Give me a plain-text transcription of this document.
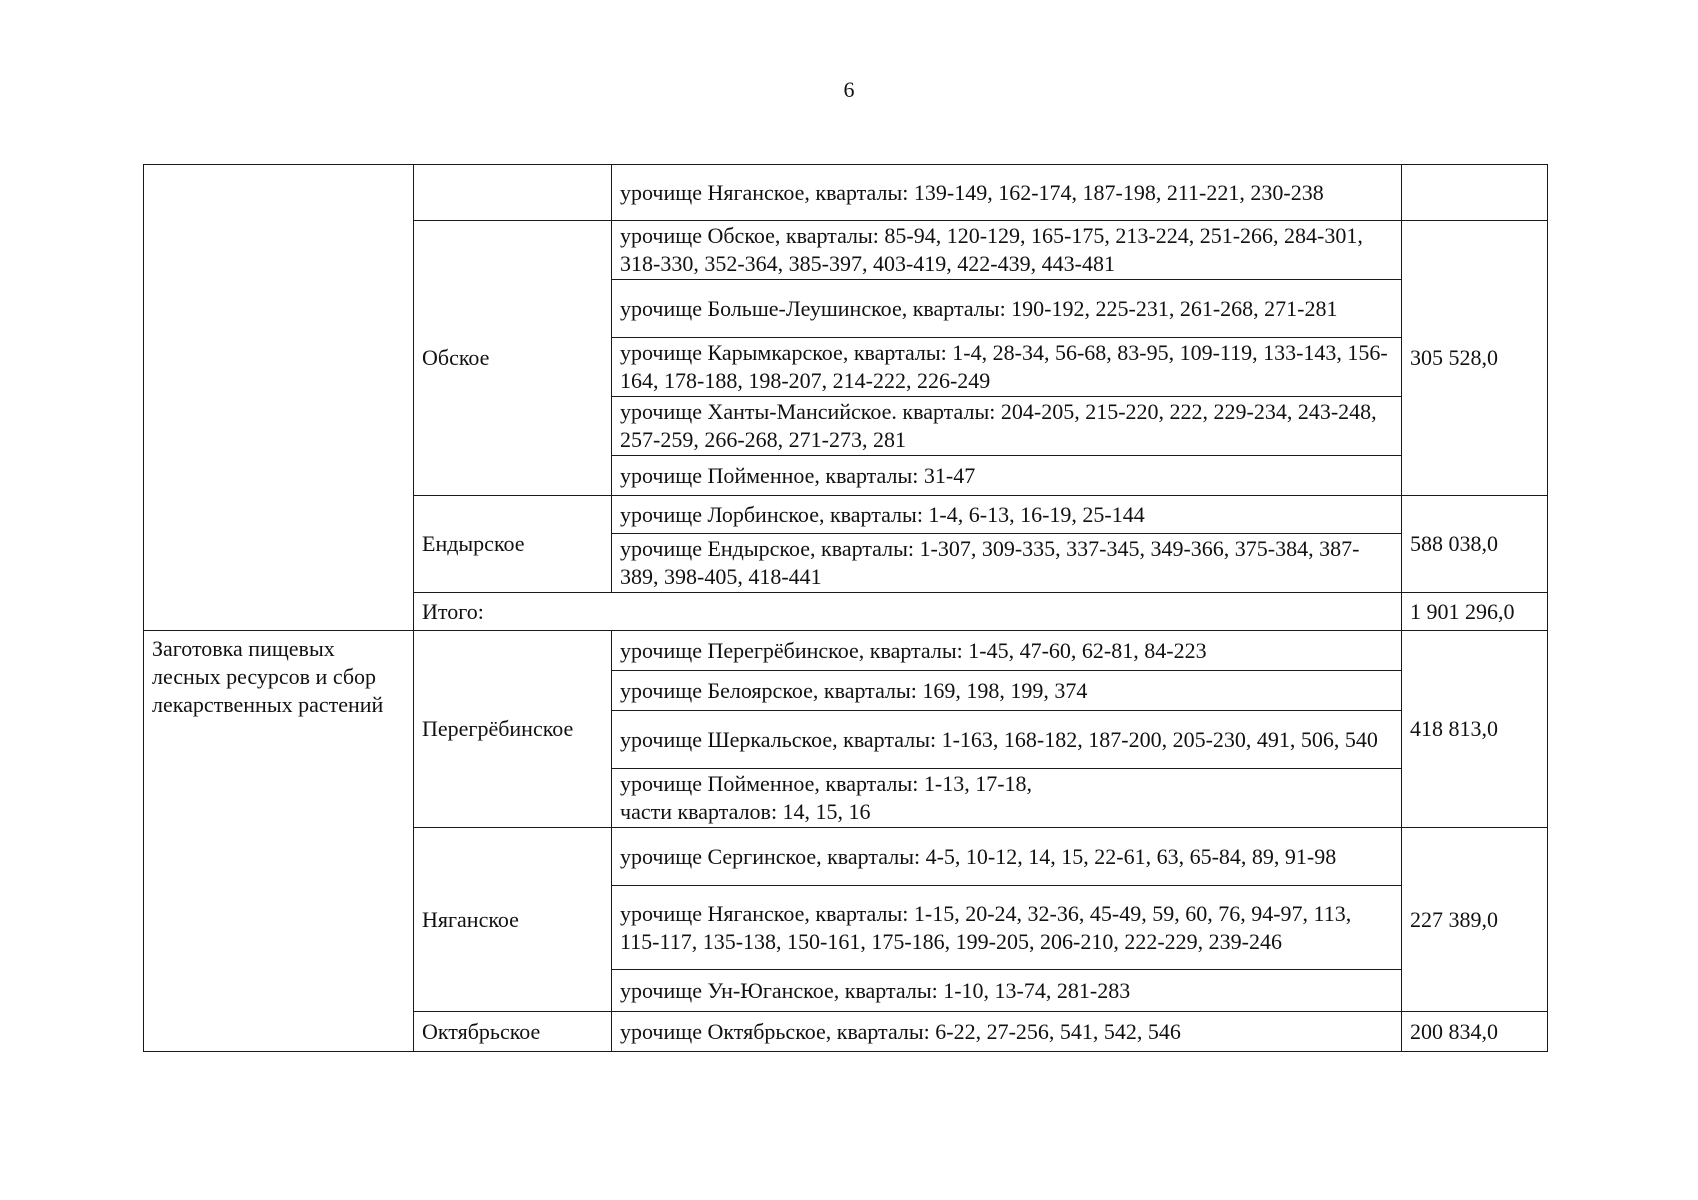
6
		урочище Няганское, кварталы: 139-149, 162-174, 187-198, 211-221, 230-238	
	Обское	урочище Обское, кварталы: 85-94, 120-129, 165-175, 213-224, 251-266, 284-301, 318-330, 352-364, 385-397, 403-419, 422-439, 443-481	305 528,0
		урочище Больше-Леушинское, кварталы: 190-192, 225-231, 261-268, 271-281	
		урочище Карымкарское, кварталы: 1-4, 28-34, 56-68, 83-95, 109-119, 133-143, 156-164, 178-188, 198-207, 214-222, 226-249	
		урочище Ханты-Мансийское. кварталы: 204-205, 215-220, 222, 229-234, 243-248, 257-259, 266-268, 271-273, 281	
		урочище Пойменное, кварталы: 31-47	
	Ендырское	урочище Лорбинское, кварталы: 1-4, 6-13, 16-19, 25-144	588 038,0
		урочище Ендырское, кварталы: 1-307, 309-335, 337-345, 349-366, 375-384, 387-389, 398-405, 418-441	
	Итого:		1 901 296,0
Заготовка пищевых лесных ресурсов и сбор лекарственных растений	Перегрёбинское	урочище Перегрёбинское, кварталы: 1-45, 47-60, 62-81, 84-223	418 813,0
		урочище Белоярское, кварталы: 169, 198, 199, 374	
		урочище Шеркальское, кварталы: 1-163, 168-182, 187-200, 205-230, 491, 506, 540	

		урочище Пойменное, кварталы: 1-13, 17-18,
части кварталов: 14, 15, 16	

	Няганское	урочище Сергинское, кварталы: 4-5, 10-12, 14, 15, 22-61, 63, 65-84, 89, 91-98	227 389,0
		урочище Няганское, кварталы: 1-15, 20-24, 32-36, 45-49, 59, 60, 76, 94-97, 113, 115-117, 135-138, 150-161, 175-186, 199-205, 206-210, 222-229, 239-246	
		урочище Ун-Юганское, кварталы: 1-10, 13-74, 281-283	
	Октябрьское	урочище Октябрьское, кварталы: 6-22, 27-256, 541, 542, 546	200 834,0
